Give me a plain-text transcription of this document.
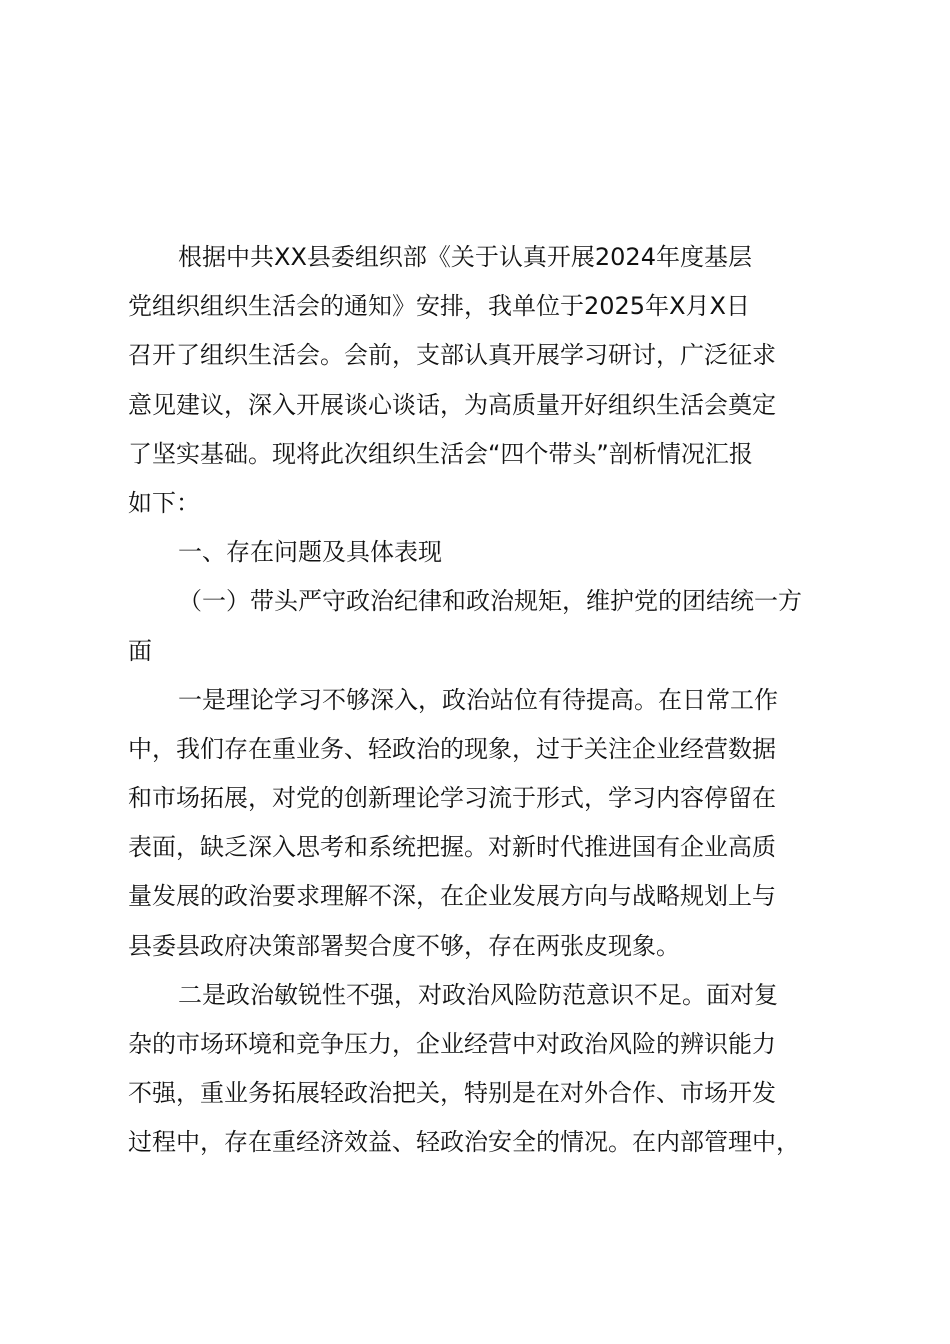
根据中共XX县委组织部《关于认真开展2024年度基层
党组织组织生活会的通知》安排，我单位于2025年X月X日
召开了组织生活会。会前，支部认真开展学习研讨，广泛征求
意见建议，深入开展谈心谈话，为高质量开好组织生活会奠定
了坚实基础。现将此次组织生活会“四个带头”剖析情况汇报
如下：
一、存在问题及具体表现
（一）带头严守政治纪律和政治规矩，维护党的团结统一方
面
一是理论学习不够深入，政治站位有待提高。在日常工作
中，我们存在重业务、轻政治的现象，过于关注企业经营数据
和市场拓展，对党的创新理论学习流于形式，学习内容停留在
表面，缺乏深入思考和系统把握。对新时代推进国有企业高质
量发展的政治要求理解不深，在企业发展方向与战略规划上与
县委县政府决策部署契合度不够，存在两张皮现象。
二是政治敏锐性不强，对政治风险防范意识不足。面对复
杂的市场环境和竞争压力，企业经营中对政治风险的辨识能力
不强，重业务拓展轻政治把关，特别是在对外合作、市场开发
过程中，存在重经济效益、轻政治安全的情况。在内部管理中，
